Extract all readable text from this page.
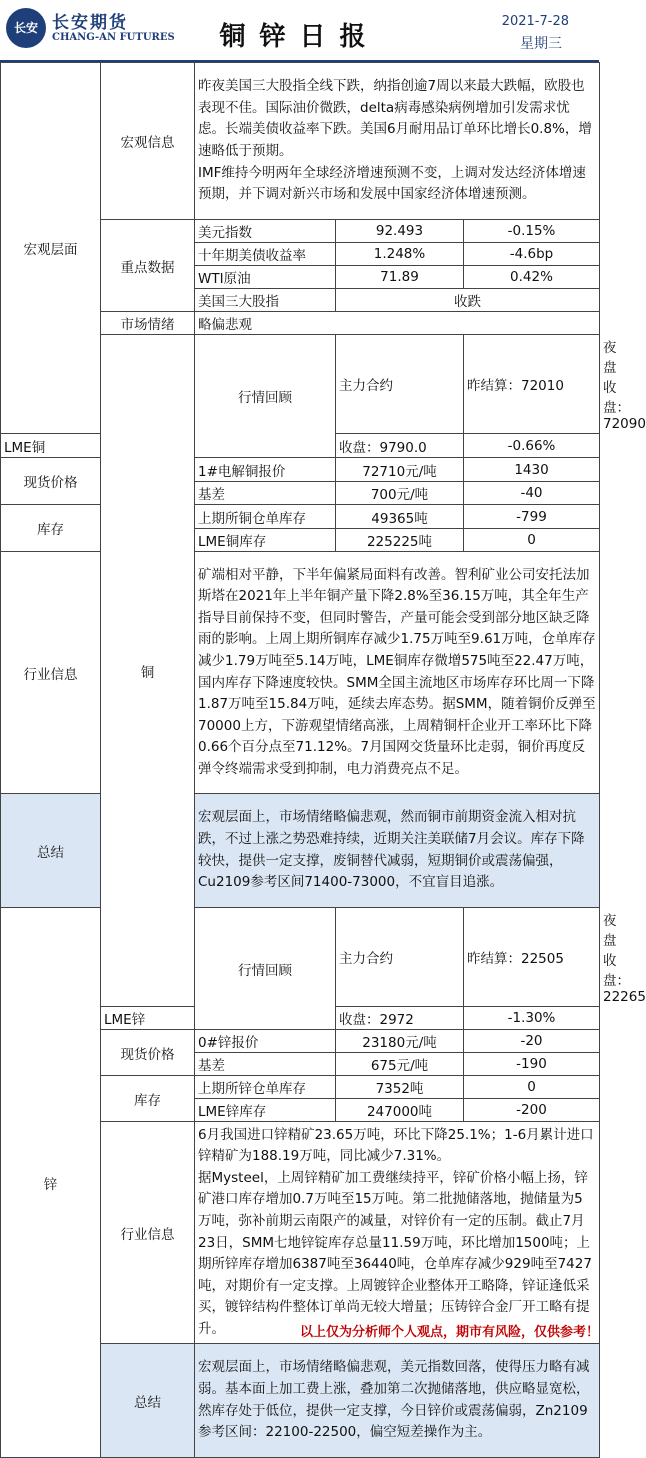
长安 长安期货
CHANG-AN FUTURES	铜锌日报
2021-7-28
星期三
宏观层面	宏观信息	昨夜美国三大股指全线下跌，纳指创逾7周以来最大跌幅，欧股也表现不佳。国际油价微跌，delta病毒感染病例增加引发需求忧虑。长端美债收益率下跌。美国6月耐用品订单环比增长0.8%，增速略低于预期。
IMF维持今明两年全球经济增速预测不变，上调对发达经济体增速预期，并下调对新兴市场和发展中国家经济体增速预测。			
	重点数据	美元指数	92.493	-0.15%	
		十年期美债收益率	1.248%	-4.6bp	
		WTI原油	71.89	0.42%	
		美国三大股指	收跌		
	市场情绪	略偏悲观			
	铜	行情回顾	主力合约	昨结算：72010	夜盘收盘：72090
LME铜			收盘：9790.0	-0.66%	
现货价格		1#电解铜报价	72710元/吨	1430	
		基差	700元/吨	-40	
库存		上期所铜仓单库存	49365吨	-799	
		LME铜库存	225225吨	0	
行业信息		矿端相对平静，下半年偏紧局面料有改善。智利矿业公司安托法加斯塔在2021年上半年铜产量下降2.8%至36.15万吨，其全年生产指导目前保持不变，但同时警告，产量可能会受到部分地区缺乏降雨的影响。上周上期所铜库存减少1.75万吨至9.61万吨，仓单库存减少1.79万吨至5.14万吨，LME铜库存微增575吨至22.47万吨，国内库存下降速度较快。SMM全国主流地区市场库存环比周一下降1.87万吨至15.84万吨，延续去库态势。据SMM，随着铜价反弹至70000上方，下游观望情绪高涨，上周精铜杆企业开工率环比下降0.66个百分点至71.12%。7月国网交货量环比走弱，铜价再度反弹令终端需求受到抑制，电力消费亮点不足。			
总结		宏观层面上，市场情绪略偏悲观，然而铜市前期资金流入相对抗跌，不过上涨之势恐难持续，近期关注美联储7月会议。库存下降较快，提供一定支撑，废铜替代减弱，短期铜价或震荡偏强，Cu2109参考区间71400-73000，不宜盲目追涨。			
锌		行情回顾	主力合约	昨结算：22505	夜盘收盘：22265
	LME锌		收盘：2972	-1.30%	
	现货价格	0#锌报价	23180元/吨	-20	
		基差	675元/吨	-190	
	库存	上期所锌仓单库存	7352吨	0	
		LME锌库存	247000吨	-200	
	行业信息	6月我国进口锌精矿23.65万吨，环比下降25.1%；1-6月累计进口锌精矿为188.19万吨，同比减少7.31%。
据Mysteel，上周锌精矿加工费继续持平，锌矿价格小幅上扬，锌矿港口库存增加0.7万吨至15万吨。第二批抛储落地，抛储量为5万吨，弥补前期云南限产的减量，对锌价有一定的压制。截止7月23日，SMM七地锌锭库存总量11.59万吨，环比增加1500吨；上期所锌库存增加6387吨至36440吨，仓单库存减少929吨至7427吨，对期价有一定支撑。上周镀锌企业整体开工略降，锌证逢低采买，镀锌结构件整体订单尚无较大增量；压铸锌合金厂开工略有提升。			
	总结	宏观层面上，市场情绪略偏悲观，美元指数回落，使得压力略有减弱。基本面上加工费上涨，叠加第二次抛储落地，供应略显宽松，然库存处于低位，提供一定支撑，今日锌价或震荡偏弱，Zn2109参考区间：22100-22500，偏空短差操作为主。			
以上仅为分析师个人观点，期市有风险，仅供参考！
